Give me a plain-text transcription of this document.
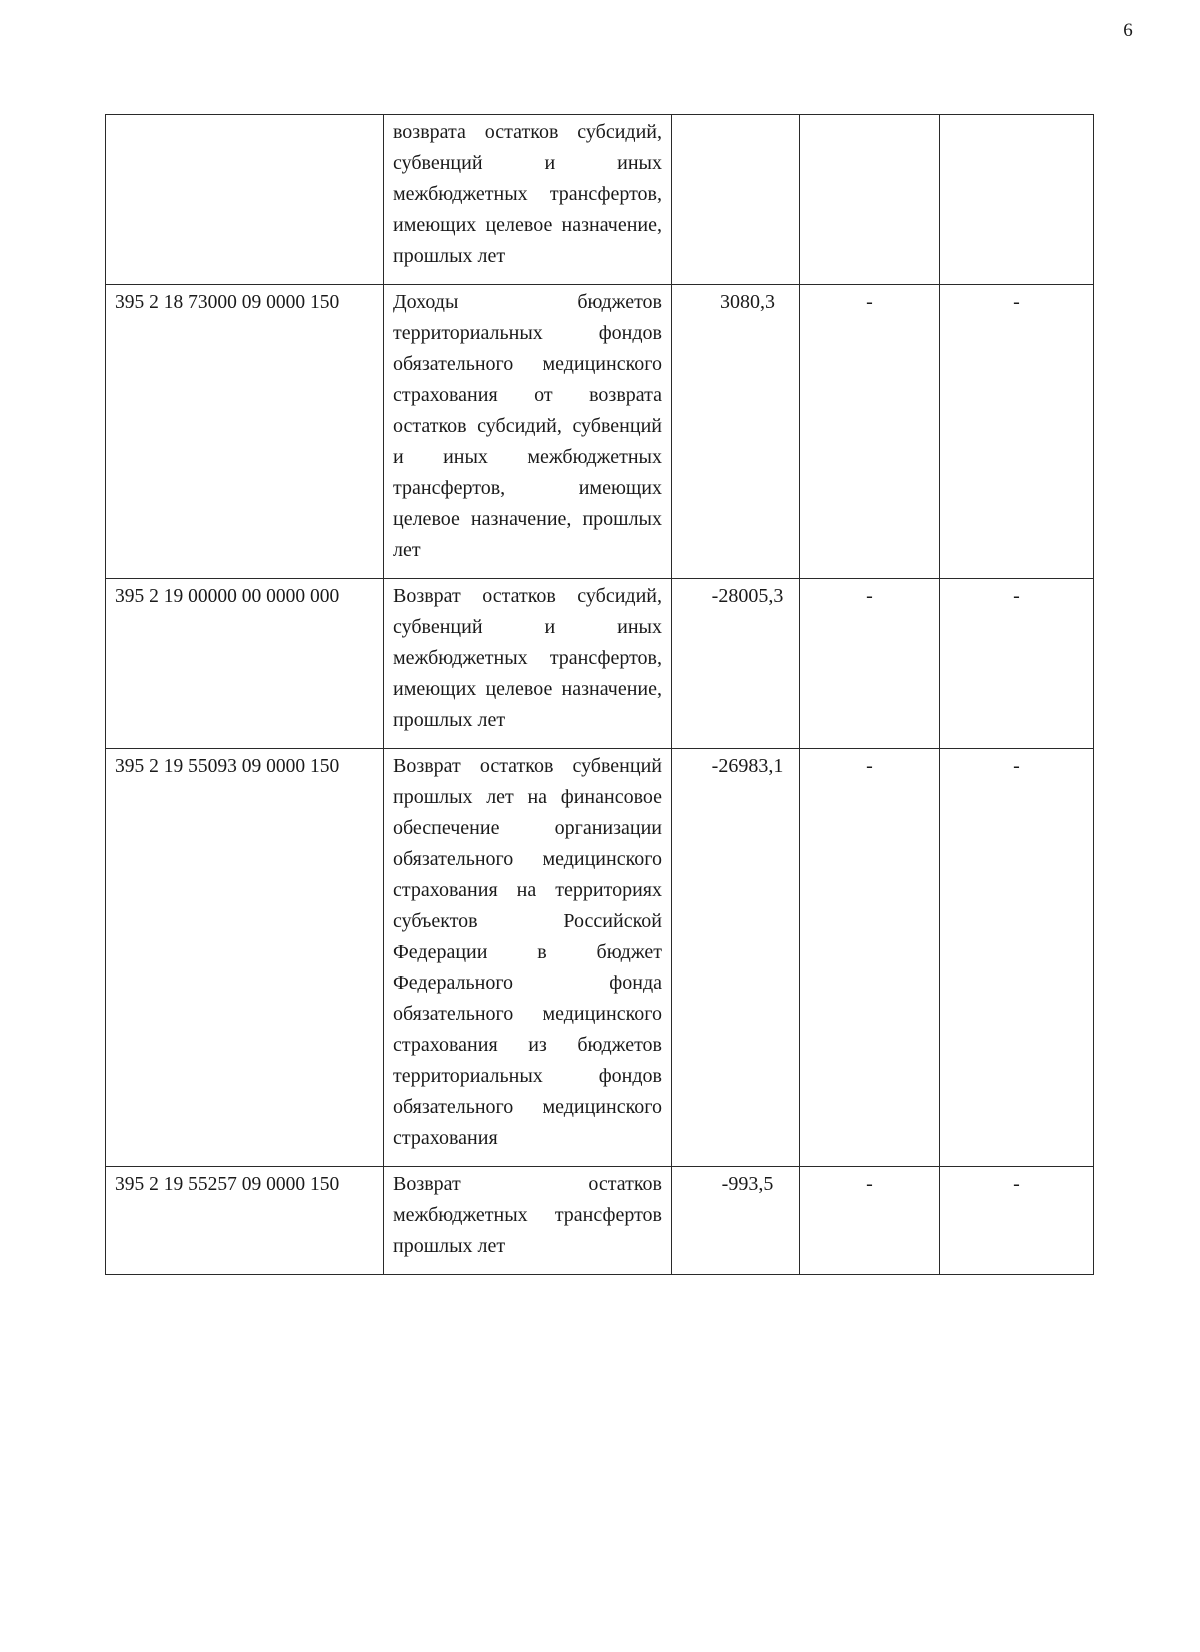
6
	возврата остатков субсидий, субвенций и иных межбюджетных трансфертов, имеющих целевое назначение, прошлых лет			
395 2 18 73000 09 0000 150	Доходы бюджетов территориальных фондов обязательного медицинского страхования от возврата остатков субсидий, субвенций и иных межбюджетных трансфертов, имеющих целевое назначение, прошлых лет	3080,3	-	-
395 2 19 00000 00 0000 000	Возврат остатков субсидий, субвенций и иных межбюджетных трансфертов, имеющих целевое назначение, прошлых лет	-28005,3	-	-
395 2 19 55093 09 0000 150	Возврат остатков субвенций прошлых лет на финансовое обеспечение организации обязательного медицинского страхования на территориях субъектов Российской Федерации в бюджет Федерального фонда обязательного медицинского страхования из бюджетов территориальных фондов обязательного медицинского страхования	-26983,1	-	-
395 2 19 55257 09 0000 150	Возврат остатков межбюджетных трансфертов прошлых лет	-993,5	-	-
